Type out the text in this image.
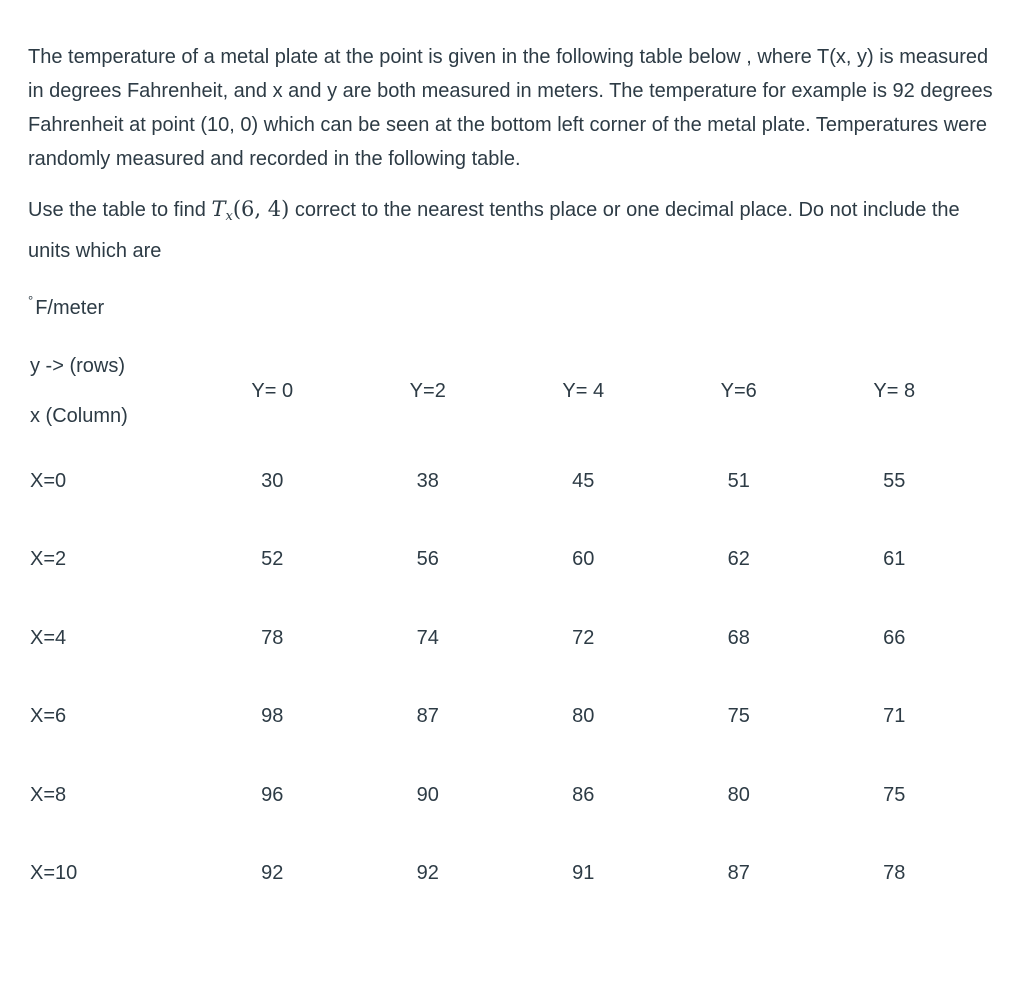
The temperature of a metal plate at the point is given in the following table below , where T(x, y) is measured in degrees Fahrenheit, and x and y are both measured in meters. The temperature for example is 92 degrees Fahrenheit at point (10, 0) which can be seen at the bottom left corner of the metal plate. Temperatures were randomly measured and recorded in the following table.

Use the table to find $T_x(6$, 4) correct to the nearest tenths place or one decimal place. Do not include the units which are

° F/meter
y -> (rows)
x (Column)	Y= 0	Y=2	Y= 4	Y=6	Y= 8
X=0	30	38	45	51	55
X=2	52	56	60	62	61
X=4	78	74	72	68	66
X=6	98	87	80	75	71
X=8	96	90	86	80	75
X=10	92	92	91	87	78
